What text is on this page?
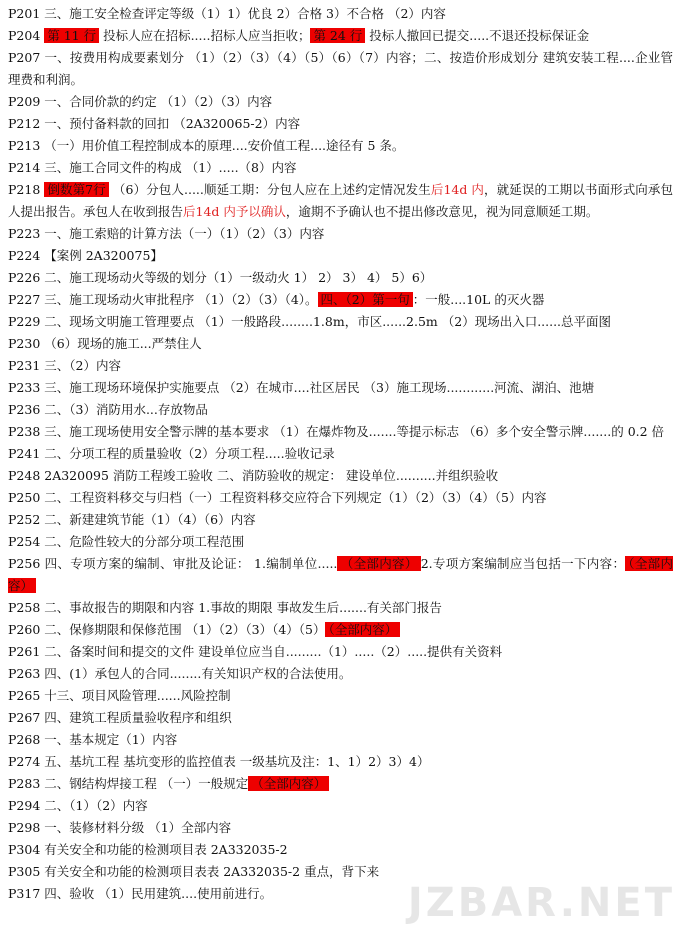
P201 三、施工安全检查评定等级（1）1）优良 2）合格 3）不合格 （2）内容
P204 第 11 行 投标人应在招标.....招标人应当拒收； 第 24 行 投标人撤回已提交.....不退还投标保证金
P207 一、按费用构成要素划分 （1）（2）（3）（4）（5）（6）（7）内容；二、按造价形成划分 建筑安装工程....企业管理费和利润。
P209 一、合同价款的约定 （1）（2）（3）内容
P212 一、预付备料款的回扣 （2A320065-2）内容
P213 （一）用价值工程控制成本的原理....安价值工程....途径有 5 条。
P214 三、施工合同文件的构成 （1）.....（8）内容
P218 倒数第7行 （6）分包人.....顺延工期：分包人应在上述约定情况发生后14d 内，就延误的工期以书面形式向承包人提出报告。承包人在收到报告后14d 内予以确认，逾期不予确认也不提出修改意见，视为同意顺延工期。
P223 一、施工索赔的计算方法（一）（1）（2）（3）内容
P224 【案例 2A320075】
P226 二、施工现场动火等级的划分（1）一级动火 1） 2） 3） 4） 5）6）
P227 三、施工现场动火审批程序 （1）（2）（3）（4）。 四、（2）第一句 ：一般....10L 的灭火器
P229 二、现场文明施工管理要点 （1）一般路段........1.8m，市区......2.5m （2）现场出入口......总平面图
P230 （6）现场的施工...严禁住人
P231 三、（2）内容
P233 三、施工现场环境保护实施要点 （2）在城市....社区居民 （3）施工现场............河流、湖泊、池塘
P236 二、（3）消防用水...存放物品
P238 三、施工现场使用安全警示牌的基本要求 （1）在爆炸物及.......等提示标志 （6）多个安全警示牌.......的 0.2 倍
P241 二、分项工程的质量验收（2）分项工程.....验收记录
P248 2A320095 消防工程竣工验收 二、消防验收的规定： 建设单位..........并组织验收
P250 二、工程资料移交与归档（一）工程资料移交应符合下列规定（1）（2）（3）（4）（5）内容
P252 二、新建建筑节能（1）（4）（6）内容
P254 二、危险性较大的分部分项工程范围
P256 四、专项方案的编制、审批及论证： 1.编制单位..... （全部内容） 2.专项方案编制应当包括一下内容： （全部内容）
P258 二、事故报告的期限和内容 1.事故的期限 事故发生后.......有关部门报告
P260 二、保修期限和保修范围 （1）（2）（3）（4）（5） （全部内容）
P261 二、备案时间和提交的文件 建设单位应当自.........（1）.....（2）.....提供有关资料
P263 四、(1）承包人的合同........有关知识产权的合法使用。
P265 十三、项目风险管理......风险控制
P267 四、建筑工程质量验收程序和组织
P268 一、基本规定（1）内容
P274 五、基坑工程 基坑变形的监控值表 一级基坑及注：1、1）2）3）4）
P283 二、钢结构焊接工程 （一）一般规定 （全部内容）
P294 二、（1）（2）内容
P298 一、装修材料分级 （1）全部内容
P304 有关安全和功能的检测项目表 2A332035-2
P305 有关安全和功能的检测项目表表 2A332035-2 重点，背下来
P317 四、验收 （1）民用建筑....使用前进行。	JZBAR.NET
